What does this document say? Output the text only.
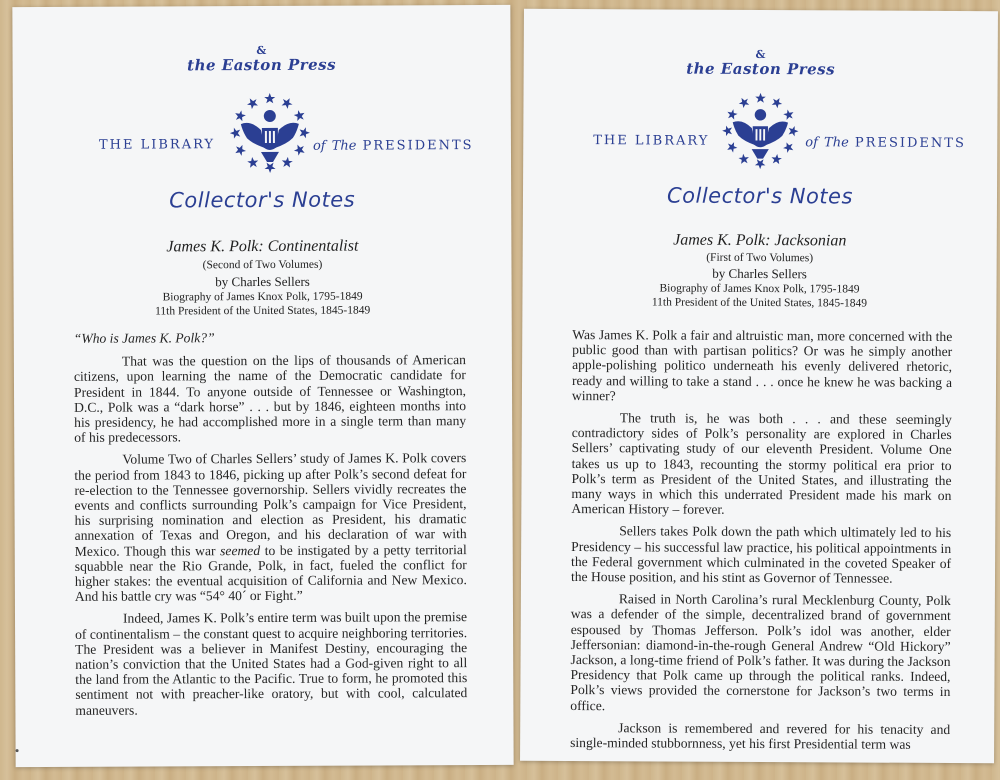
&
the Easton Press
THE LIBRARY	of The PRESIDENTS
Collector's Notes
James K. Polk: Continentalist
(Second of Two Volumes)
by Charles Sellers
Biography of James Knox Polk, 1795-1849
11th President of the United States, 1845-1849

“Who is James K. Polk?”

That was the question on the lips of thousands of American citizens, upon learning the name of the Democratic candidate for President in 1844. To anyone outside of Tennessee or Washington, D.C., Polk was a “dark horse” . . . but by 1846, eighteen months into his presidency, he had accomplished more in a single term than many of his predecessors.

Volume Two of Charles Sellers’ study of James K. Polk covers the period from 1843 to 1846, picking up after Polk’s second defeat for re-election to the Tennessee governorship. Sellers vividly recreates the events and conflicts surrounding Polk’s campaign for Vice President, his surprising nomination and election as President, his dramatic annexation of Texas and Oregon, and his declaration of war with Mexico. Though this war seemed to be instigated by a petty territorial squabble near the Rio Grande, Polk, in fact, fueled the conflict for higher stakes: the eventual acquisition of California and New Mexico. And his battle cry was “54° 40´ or Fight.”

Indeed, James K. Polk’s entire term was built upon the premise of continentalism – the constant quest to acquire neighboring territories. The President was a believer in Manifest Destiny, encouraging the nation’s conviction that the United States had a God-given right to all the land from the Atlantic to the Pacific. True to form, he promoted this sentiment not with preacher-like oratory, but with cool, calculated maneuvers.

&
the Easton Press
THE LIBRARY	of The PRESIDENTS
Collector's Notes
James K. Polk: Jacksonian
(First of Two Volumes)
by Charles Sellers
Biography of James Knox Polk, 1795-1849
11th President of the United States, 1845-1849

Was James K. Polk a fair and altruistic man, more concerned with the public good than with partisan politics? Or was he simply another apple-polishing politico underneath his evenly delivered rhetoric, ready and willing to take a stand . . . once he knew he was backing a winner?

The truth is, he was both . . . and these seemingly contradictory sides of Polk’s personality are explored in Charles Sellers’ captivating study of our eleventh President. Volume One takes us up to 1843, recounting the stormy political era prior to Polk’s term as President of the United States, and illustrating the many ways in which this underrated President made his mark on American History – forever.

Sellers takes Polk down the path which ultimately led to his Presidency – his successful law practice, his political appointments in the Federal government which culminated in the coveted Speaker of the House position, and his stint as Governor of Tennessee.

Raised in North Carolina’s rural Mecklenburg County, Polk was a defender of the simple, decentralized brand of government espoused by Thomas Jefferson. Polk’s idol was another, elder Jeffersonian: diamond-in-the-rough General Andrew “Old Hickory” Jackson, a long-time friend of Polk’s father. It was during the Jackson Presidency that Polk came up through the political ranks. Indeed, Polk’s views provided the cornerstone for Jackson’s two terms in office.

Jackson is remembered and revered for his tenacity and single-minded stubbornness, yet his first Presidential term was
